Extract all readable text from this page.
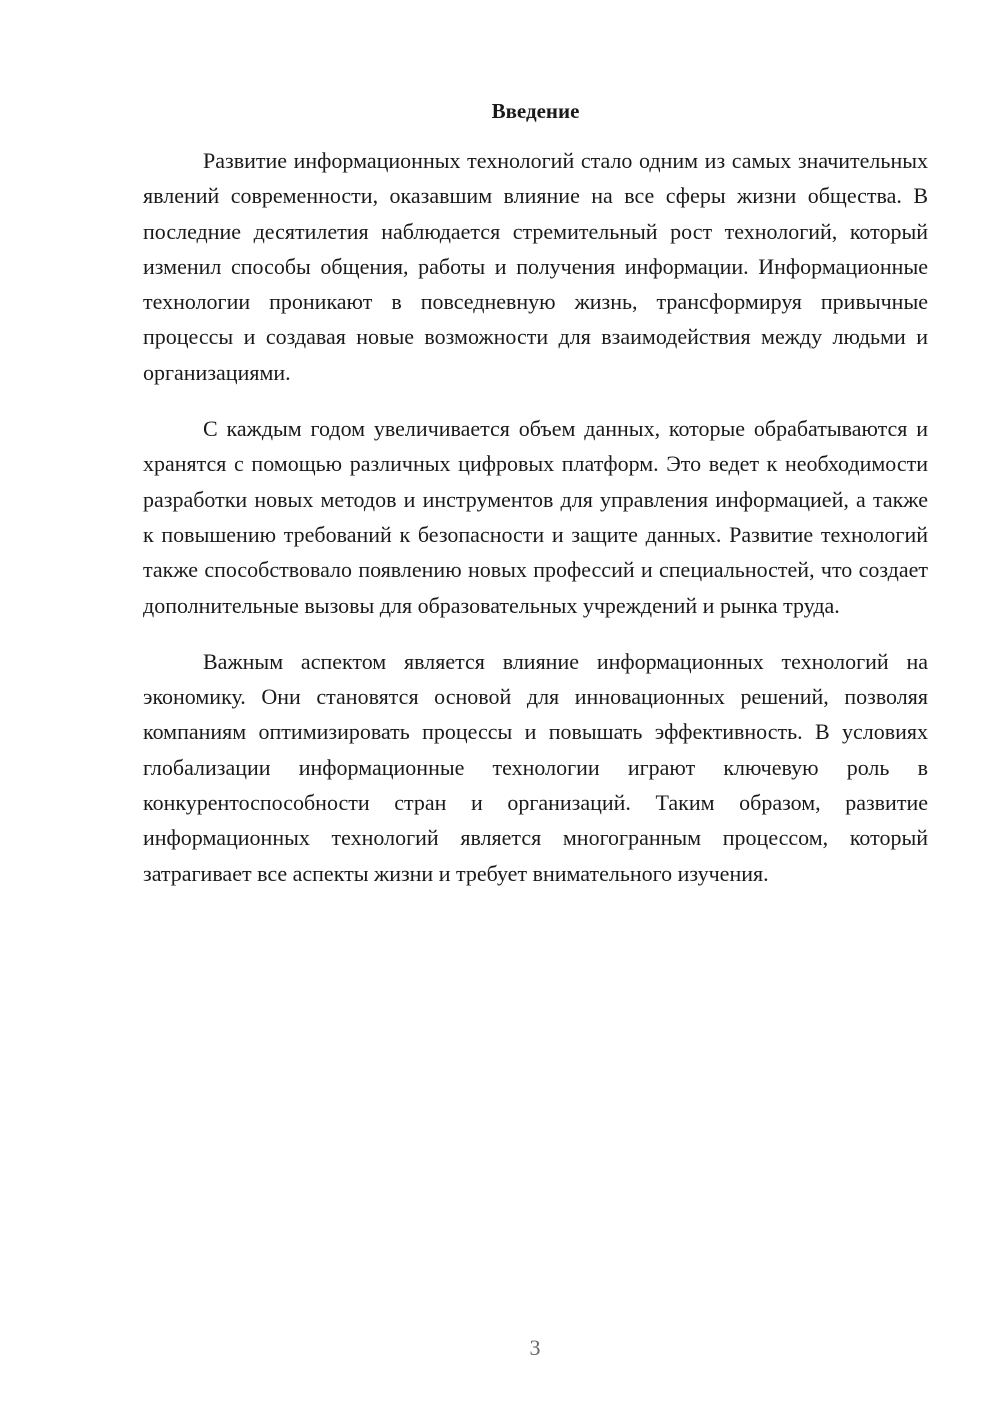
Введение

Развитие информационных технологий стало одним из самых значительных явлений современности, оказавшим влияние на все сферы жизни общества. В последние десятилетия наблюдается стремительный рост технологий, который изменил способы общения, работы и получения информации. Информационные технологии проникают в повседневную жизнь, трансформируя привычные процессы и создавая новые возможности для взаимодействия между людьми и организациями.

С каждым годом увеличивается объем данных, которые обрабатываются и хранятся с помощью различных цифровых платформ. Это ведет к необходимости разработки новых методов и инструментов для управления информацией, а также к повышению требований к безопасности и защите данных. Развитие технологий также способствовало появлению новых профессий и специальностей, что создает дополнительные вызовы для образовательных учреждений и рынка труда.

Важным аспектом является влияние информационных технологий на экономику. Они становятся основой для инновационных решений, позволяя компаниям оптимизировать процессы и повышать эффективность. В условиях глобализации информационные технологии играют ключевую роль в конкурентоспособности стран и организаций. Таким образом, развитие информационных технологий является многогранным процессом, который затрагивает все аспекты жизни и требует внимательного изучения.

3
